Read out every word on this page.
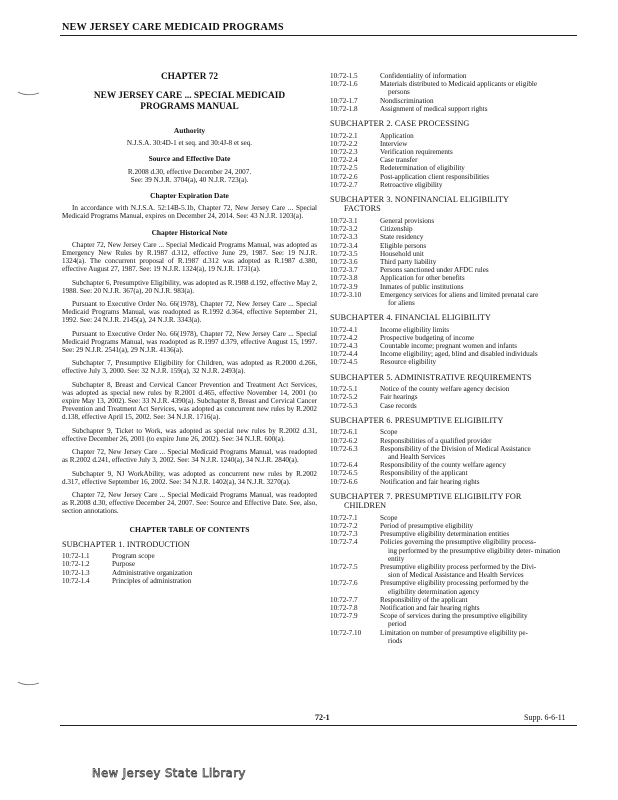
NEW JERSEY CARE MEDICAID PROGRAMS
CHAPTER 72
NEW JERSEY CARE ... SPECIAL MEDICAID
PROGRAMS MANUAL
Authority
N.J.S.A. 30:4D-1 et seq. and 30:4J-8 et seq.
Source and Effective Date
R.2008 d.30, effective December 24, 2007.
See: 39 N.J.R. 3704(a), 40 N.J.R. 723(a).
Chapter Expiration Date
In accordance with N.J.S.A. 52:14B-5.1b, Chapter 72, New Jersey Care ... Special Medicaid Programs Manual, expires on December 24, 2014. See: 43 N.J.R. 1203(a).
Chapter Historical Note

Chapter 72, New Jersey Care ... Special Medicaid Programs Manual, was adopted as Emergency New Rules by R.1987 d.312, effective June 29, 1987. See: 19 N.J.R. 1324(a). The concurrent proposal of R.1987 d.312 was adopted as R.1987 d.380, effective August 27, 1987. See: 19 N.J.R. 1324(a), 19 N.J.R. 1731(a).

Subchapter 6, Presumptive Eligibility, was adopted as R.1988 d.192, effective May 2, 1988. See: 20 N.J.R. 367(a), 20 N.J.R. 983(a).

Pursuant to Executive Order No. 66(1978), Chapter 72, New Jersey Care ... Special Medicaid Programs Manual, was readopted as R.1992 d.364, effective September 21, 1992. See: 24 N.J.R. 2145(a), 24 N.J.R. 3343(a).

Pursuant to Executive Order No. 66(1978), Chapter 72, New Jersey Care ... Special Medicaid Programs Manual, was readopted as R.1997 d.379, effective August 15, 1997. See: 29 N.J.R. 2541(a), 29 N.J.R. 4136(a).

Subchapter 7, Presumptive Eligibility for Children, was adopted as R.2000 d.266, effective July 3, 2000. See: 32 N.J.R. 159(a), 32 N.J.R. 2493(a).

Subchapter 8, Breast and Cervical Cancer Prevention and Treatment Act Services, was adopted as special new rules by R.2001 d.465, effective November 14, 2001 (to expire May 13, 2002). See: 33 N.J.R. 4390(a). Subchapter 8, Breast and Cervical Cancer Prevention and Treatment Act Services, was adopted as concurrent new rules by R.2002 d.138, effective April 15, 2002. See: 34 N.J.R. 1716(a).

Subchapter 9, Ticket to Work, was adopted as special new rules by R.2002 d.31, effective December 26, 2001 (to expire June 26, 2002). See: 34 N.J.R. 600(a).

Chapter 72, New Jersey Care ... Special Medicaid Programs Manual, was readopted as R.2002 d.241, effective July 3, 2002. See: 34 N.J.R. 1240(a), 34 N.J.R. 2840(a).

Subchapter 9, NJ WorkAbility, was adopted as concurrent new rules by R.2002 d.317, effective September 16, 2002. See: 34 N.J.R. 1402(a), 34 N.J.R. 3270(a).

Chapter 72, New Jersey Care ... Special Medicaid Programs Manual, was readopted as R.2008 d.30, effective December 24, 2007. See: Source and Effective Date. See, also, section annotations.

CHAPTER TABLE OF CONTENTS
SUBCHAPTER 1. INTRODUCTION
10:72-1.1	Program scope
10:72-1.2	Purpose
10:72-1.3	Administrative organization
10:72-1.4	Principles of administration
10:72-1.5	Confidentiality of information
10:72-1.6	Materials distributed to Medicaid applicants or eligible
persons
10:72-1.7	Nondiscrimination
10:72-1.8	Assignment of medical support rights
SUBCHAPTER 2. CASE PROCESSING
10:72-2.1	Application
10:72-2.2	Interview
10:72-2.3	Verification requirements
10:72-2.4	Case transfer
10:72-2.5	Redetermination of eligibility
10:72-2.6	Post-application client responsibilities
10:72-2.7	Retroactive eligibility
SUBCHAPTER 3. NONFINANCIAL ELIGIBILITY
FACTORS
10:72-3.1	General provisions
10:72-3.2	Citizenship
10:72-3.3	State residency
10:72-3.4	Eligible persons
10:72-3.5	Household unit
10:72-3.6	Third party liability
10:72-3.7	Persons sanctioned under AFDC rules
10:72-3.8	Application for other benefits
10:72-3.9	Inmates of public institutions
10:72-3.10	Emergency services for aliens and limited prenatal care
for aliens
SUBCHAPTER 4. FINANCIAL ELIGIBILITY
10:72-4.1	Income eligibility limits
10:72-4.2	Prospective budgeting of income
10:72-4.3	Countable income; pregnant women and infants
10:72-4.4	Income eligibility; aged, blind and disabled individuals
10:72-4.5	Resource eligibility
SUBCHAPTER 5. ADMINISTRATIVE REQUIREMENTS
10:72-5.1	Notice of the county welfare agency decision
10:72-5.2	Fair hearings
10:72-5.3	Case records
SUBCHAPTER 6. PRESUMPTIVE ELIGIBILITY
10:72-6.1	Scope
10:72-6.2	Responsibilities of a qualified provider
10:72-6.3	Responsibility of the Division of Medical Assistance
and Health Services
10:72-6.4	Responsibility of the county welfare agency
10:72-6.5	Responsibility of the applicant
10:72-6.6	Notification and fair hearing rights
SUBCHAPTER 7. PRESUMPTIVE ELIGIBILITY FOR
CHILDREN
10:72-7.1	Scope
10:72-7.2	Period of presumptive eligibility
10:72-7.3	Presumptive eligibility determination entities
10:72-7.4	Policies governing the presumptive eligibility process-
ing performed by the presumptive eligibility deter- mination entity
10:72-7.5	Presumptive eligibility process performed by the Divi-
sion of Medical Assistance and Health Services
10:72-7.6	Presumptive eligibility processing performed by the
eligibility determination agency
10:72-7.7	Responsibility of the applicant
10:72-7.8	Notification and fair hearing rights
10:72-7.9	Scope of services during the presumptive eligibility
period
10:72-7.10	Limitation on number of presumptive eligibility pe-
riods
72-1	Supp. 6-6-11
New Jersey State Library
